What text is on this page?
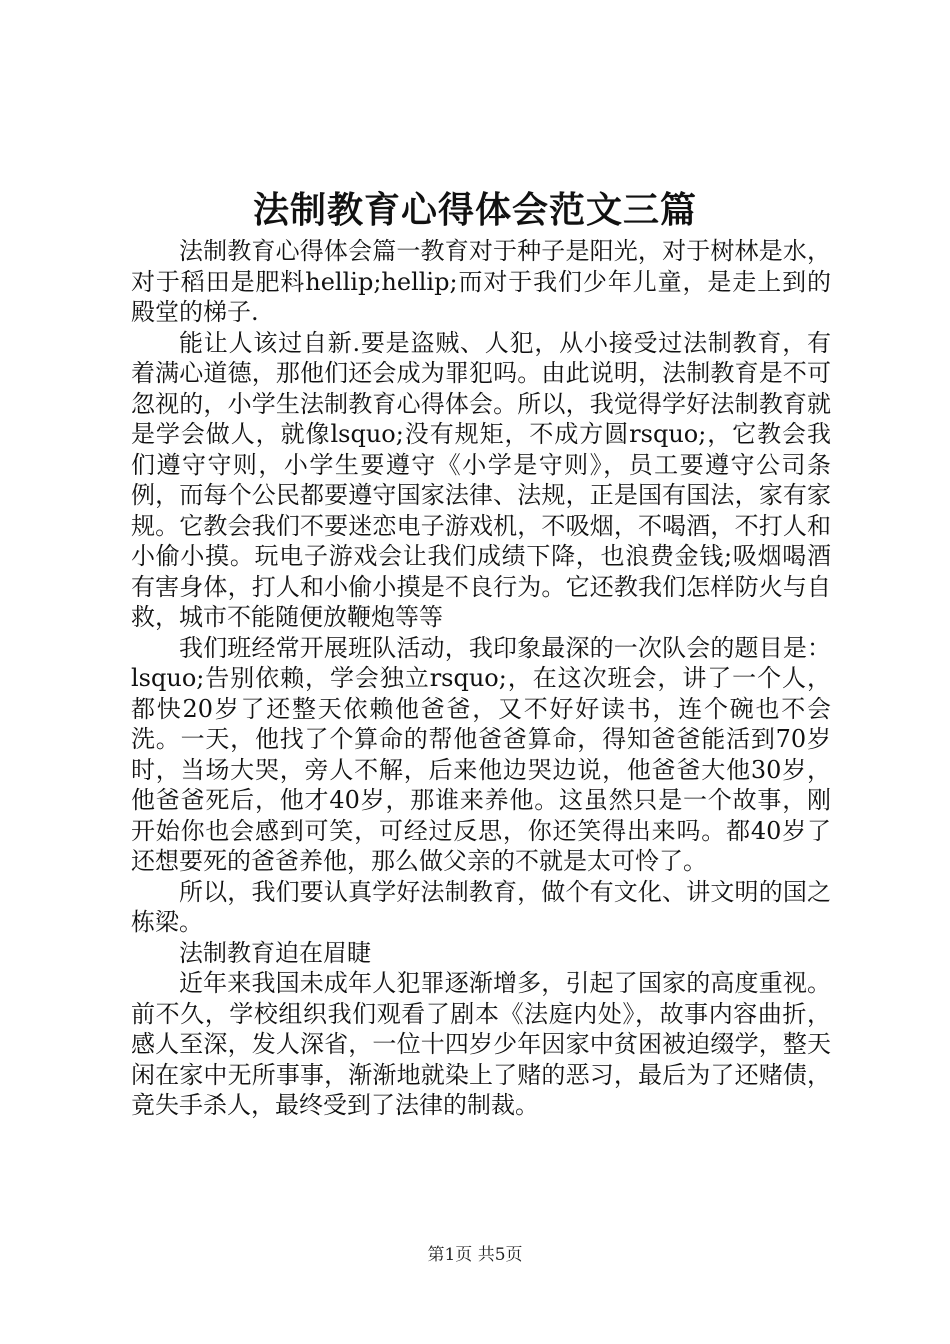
法制教育心得体会范文三篇

法制教育心得体会篇一教育对于种子是阳光，对于树林是水，对于稻田是肥料hellip;hellip;而对于我们少年儿童，是走上到的殿堂的梯子.

能让人该过自新.要是盗贼、人犯，从小接受过法制教育，有着满心道德，那他们还会成为罪犯吗。由此说明，法制教育是不可忽视的，小学生法制教育心得体会。所以，我觉得学好法制教育就是学会做人，就像lsquo;没有规矩，不成方圆rsquo;，它教会我们遵守守则，小学生要遵守《小学是守则》，员工要遵守公司条例，而每个公民都要遵守国家法律、法规，正是国有国法，家有家规。它教会我们不要迷恋电子游戏机，不吸烟，不喝酒，不打人和小偷小摸。玩电子游戏会让我们成绩下降，也浪费金钱;吸烟喝酒有害身体，打人和小偷小摸是不良行为。它还教我们怎样防火与自救，城市不能随便放鞭炮等等

我们班经常开展班队活动，我印象最深的一次队会的题目是：lsquo;告别依赖，学会独立rsquo;，在这次班会，讲了一个人，都快20岁了还整天依赖他爸爸，又不好好读书，连个碗也不会洗。一天，他找了个算命的帮他爸爸算命，得知爸爸能活到70岁时，当场大哭，旁人不解，后来他边哭边说，他爸爸大他30岁，他爸爸死后，他才40岁，那谁来养他。这虽然只是一个故事，刚开始你也会感到可笑，可经过反思，你还笑得出来吗。都40岁了还想要死的爸爸养他，那么做父亲的不就是太可怜了。

所以，我们要认真学好法制教育，做个有文化、讲文明的国之栋梁。

法制教育迫在眉睫

近年来我国未成年人犯罪逐渐增多，引起了国家的高度重视。前不久，学校组织我们观看了剧本《法庭内处》，故事内容曲折，感人至深，发人深省，一位十四岁少年因家中贫困被迫缀学，整天闲在家中无所事事，渐渐地就染上了赌的恶习，最后为了还赌债，竟失手杀人，最终受到了法律的制裁。

第1页 共5页
